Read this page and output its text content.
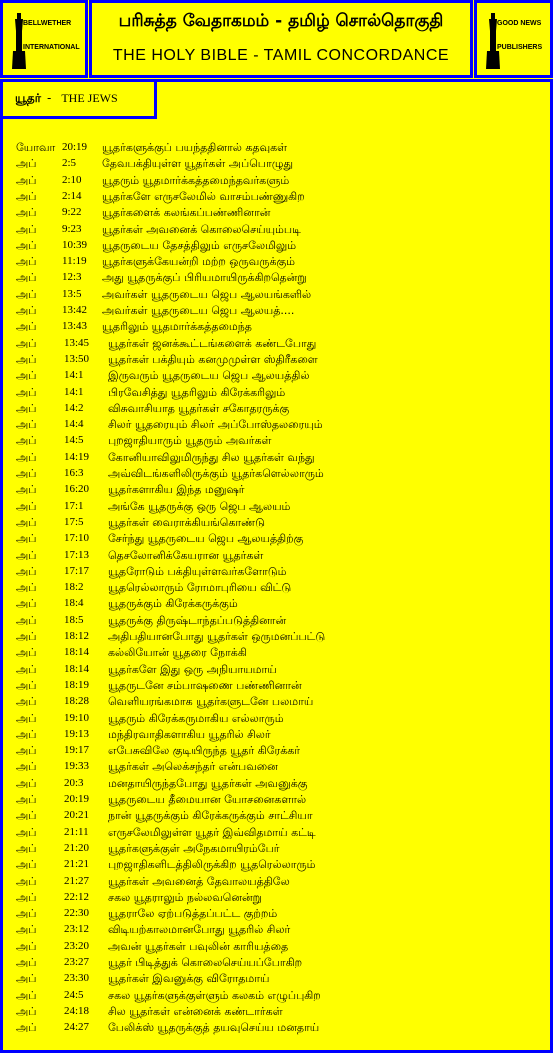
BELLWETHER
INTERNATIONAL
பரிசுத்த வேதாகமம் - தமிழ் சொல்தொகுதி
THE HOLY BIBLE - TAMIL CONCORDANCE
GOOD NEWS
PUBLISHERS
யூதர் - THE JEWS
யோவா 20:19	யூதர்களுக்குப் பயந்ததினால் கதவுகள்
அப்	2:5	தேவபக்தியுள்ள யூதர்கள் அப்பொழுது
அப்	2:10	யூதரும் யூதமார்க்கத்தமைந்தவர்களும்
அப்	2:14	யூதர்களே எருசலேமில் வாசம்பண்ணுகிற
அப்	9:22	யூதர்களைக் கலங்கப்பண்ணினான்
அப்	9:23	யூதர்கள் அவனைக் கொலைசெய்யும்படி
அப்	10:39	யூதருடைய தேசத்திலும் எருசலேமிலும்
அப்	11:19	யூதர்களுக்கேயன்றி மற்ற ஒருவருக்கும்
அப்	12:3	அது யூதருக்குப் பிரியமாயிருக்கிறதென்று
அப்	13:5	அவர்கள் யூதருடைய ஜெப ஆலயங்களில்
அப்	13:42	அவர்கள் யூதருடைய ஜெப ஆலயத்....
அப்	13:43	யூதரிலும் யூதமார்க்கத்தமைந்த
அப்	13:45	யூதர்கள் ஜனக்கூட்டங்களைக் கண்டபோது
அப்	13:50	யூதர்கள் பக்தியும் கனமுமுள்ள ஸ்திரீகளை
அப்	14:1	இருவரும் யூதருடைய ஜெப ஆலயத்தில்
அப்	14:1	பிரவேசித்து யூதரிலும் கிரேக்கரிலும்
அப்	14:2	விசுவாசியாத யூதர்கள் சகோதரருக்கு
அப்	14:4	சிலர் யூதரையும் சிலர் அப்போஸ்தலரையும்
அப்	14:5	புறஜாதியாரும் யூதரும் அவர்கள்
அப்	14:19	கோனியாவிலுமிருந்து சில யூதர்கள் வந்து
அப்	16:3	அவ்விடங்களிலிருக்கும் யூதர்களெல்லாரும்
அப்	16:20	யூதர்களாகிய இந்த மனுஷர்
அப்	17:1	அங்கே யூதருக்கு ஒரு ஜெப ஆலயம்
அப்	17:5	யூதர்கள் வைராக்கியங்கொண்டு
அப்	17:10	சேர்ந்து யூதருடைய ஜெப ஆலயத்திற்கு
அப்	17:13	தெசலோனிக்கேயரான யூதர்கள்
அப்	17:17	யூதரோடும் பக்தியுள்ளவர்களோடும்
அப்	18:2	யூதரெல்லாரும் ரோமாபுரியை விட்டு
அப்	18:4	யூதருக்கும் கிரேக்கருக்கும்
அப்	18:5	யூதருக்கு திருஷ்டாந்தப்படுத்தினான்
அப்	18:12	அதிபதியானபோது யூதர்கள் ஒருமனப்பட்டு
அப்	18:14	கல்லியோன் யூதரை நோக்கி
அப்	18:14	யூதர்களே இது ஒரு அநியாயமாய்
அப்	18:19	யூதருடனே சம்பாஷணை பண்ணினான்
அப்	18:28	வெளியரங்கமாக யூதர்களுடனே பலமாய்
அப்	19:10	யூதரும் கிரேக்கருமாகிய எல்லாரும்
அப்	19:13	மந்திரவாதிகளாகிய யூதரில் சிலர்
அப்	19:17	எபேசுவிலே குடியிருந்த யூதர் கிரேக்கர்
அப்	19:33	யூதர்கள் அலெக்சந்தர் என்பவனை
அப்	20:3	மனதாயிருந்தபோது யூதர்கள் அவனுக்கு
அப்	20:19	யூதருடைய தீமையான யோசனைகளால்
அப்	20:21	நான் யூதருக்கும் கிரேக்கருக்கும் சாட்சியா
அப்	21:11	எருசலேமிலுள்ள யூதர் இவ்விதமாய் கட்டி
அப்	21:20	யூதர்களுக்குள் அநேகமாயிரம்பேர்
அப்	21:21	புறஜாதிகளிடத்திலிருக்கிற யூதரெல்லாரும்
அப்	21:27	யூதர்கள் அவனைத் தேவாலயத்திலே
அப்	22:12	சகல யூதராலும் நல்லவனென்று
அப்	22:30	யூதராலே ஏற்படுத்தப்பட்ட குற்றம்
அப்	23:12	விடியற்காலமானபோது யூதரில் சிலர்
அப்	23:20	அவன் யூதர்கள் பவுலின் காரியத்தை
அப்	23:27	யூதர் பிடித்துக் கொலைசெய்யப்போகிற
அப்	23:30	யூதர்கள் இவனுக்கு விரோதமாய்
அப்	24:5	சகல யூதர்களுக்குள்ளும் கலகம் எழுப்புகிற
அப்	24:18	சில யூதர்கள் என்னைக் கண்டார்கள்
அப்	24:27	பேலிக்ஸ் யூதருக்குத் தயவுசெய்ய மனதாய்
